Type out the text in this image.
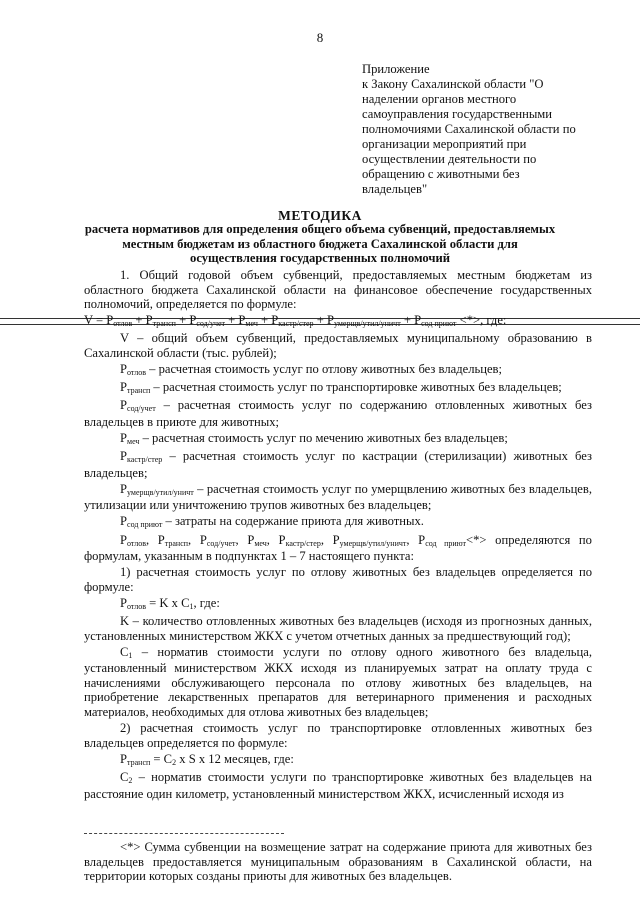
8
Приложение
к Закону Сахалинской области "О
наделении органов местного
самоуправления государственными
полномочиями Сахалинской области по
организации мероприятий при
осуществлении деятельности по
обращению с животными без
владельцев"
МЕТОДИКА
расчета нормативов для определения общего объема субвенций, предоставляемых местным бюджетам из областного бюджета Сахалинской области для осуществления государственных полномочий

1. Общий годовой объем субвенций, предоставляемых местным бюджетам из областного бюджета Сахалинской области на финансовое обеспечение государственных полномочий, определяется по формуле:

$V = P_{отлов} + P_{трансп} + P_{сод/учет} + P_{меч} + P_{кастр/стер} + P_{умерщв/утил/уничт} + P_{сод приют}$ <*>, где:

V – общий объем субвенций, предоставляемых муниципальному образованию в Сахалинской области (тыс. рублей);

$P_{отлов}$ – расчетная стоимость услуг по отлову животных без владельцев;

$P_{трансп}$ – расчетная стоимость услуг по транспортировке животных без владельцев;

$P_{сод/учет}$ – расчетная стоимость услуг по содержанию отловленных животных без владельцев в приюте для животных;

$P_{меч}$ – расчетная стоимость услуг по мечению животных без владельцев;

$P_{кастр/стер}$ – расчетная стоимость услуг по кастрации (стерилизации) животных без владельцев;

$P_{умерщв/утил/уничт}$ – расчетная стоимость услуг по умерщвлению животных без владельцев, утилизации или уничтожению трупов животных без владельцев;

$P_{сод приют}$ – затраты на содержание приюта для животных.

$P_{отлов}$, $P_{трансп}$, $P_{сод/учет}$, $P_{меч}$, $P_{кастр/стер}$, $P_{умерщв/утил/уничт}$, $P_{сод приют}<*>$ определяются по формулам, указанным в подпунктах 1 – 7 настоящего пункта:

1) расчетная стоимость услуг по отлову животных без владельцев определяется по формуле:

$P_{отлов} = K$ x $C_1$, где:

K – количество отловленных животных без владельцев (исходя из прогнозных данных, установленных министерством ЖКХ с учетом отчетных данных за предшествующий год);

$C_1$ – норматив стоимости услуги по отлову одного животного без владельца, установленный министерством ЖКХ исходя из планируемых затрат на оплату труда с начислениями обслуживающего персонала по отлову животных без владельцев, на приобретение лекарственных препаратов для ветеринарного применения и расходных материалов, необходимых для отлова животных без владельцев;

2) расчетная стоимость услуг по транспортировке отловленных животных без владельцев определяется по формуле:

$P_{трансп} = C_2$ x S x 12 месяцев, где:

$C_2$ – норматив стоимости услуги по транспортировке животных без владельцев на расстояние один километр, установленный министерством ЖКХ, исчисленный исходя из

<*> Сумма субвенции на возмещение затрат на содержание приюта для животных без владельцев предоставляется муниципальным образованиям в Сахалинской области, на территории которых созданы приюты для животных без владельцев.
